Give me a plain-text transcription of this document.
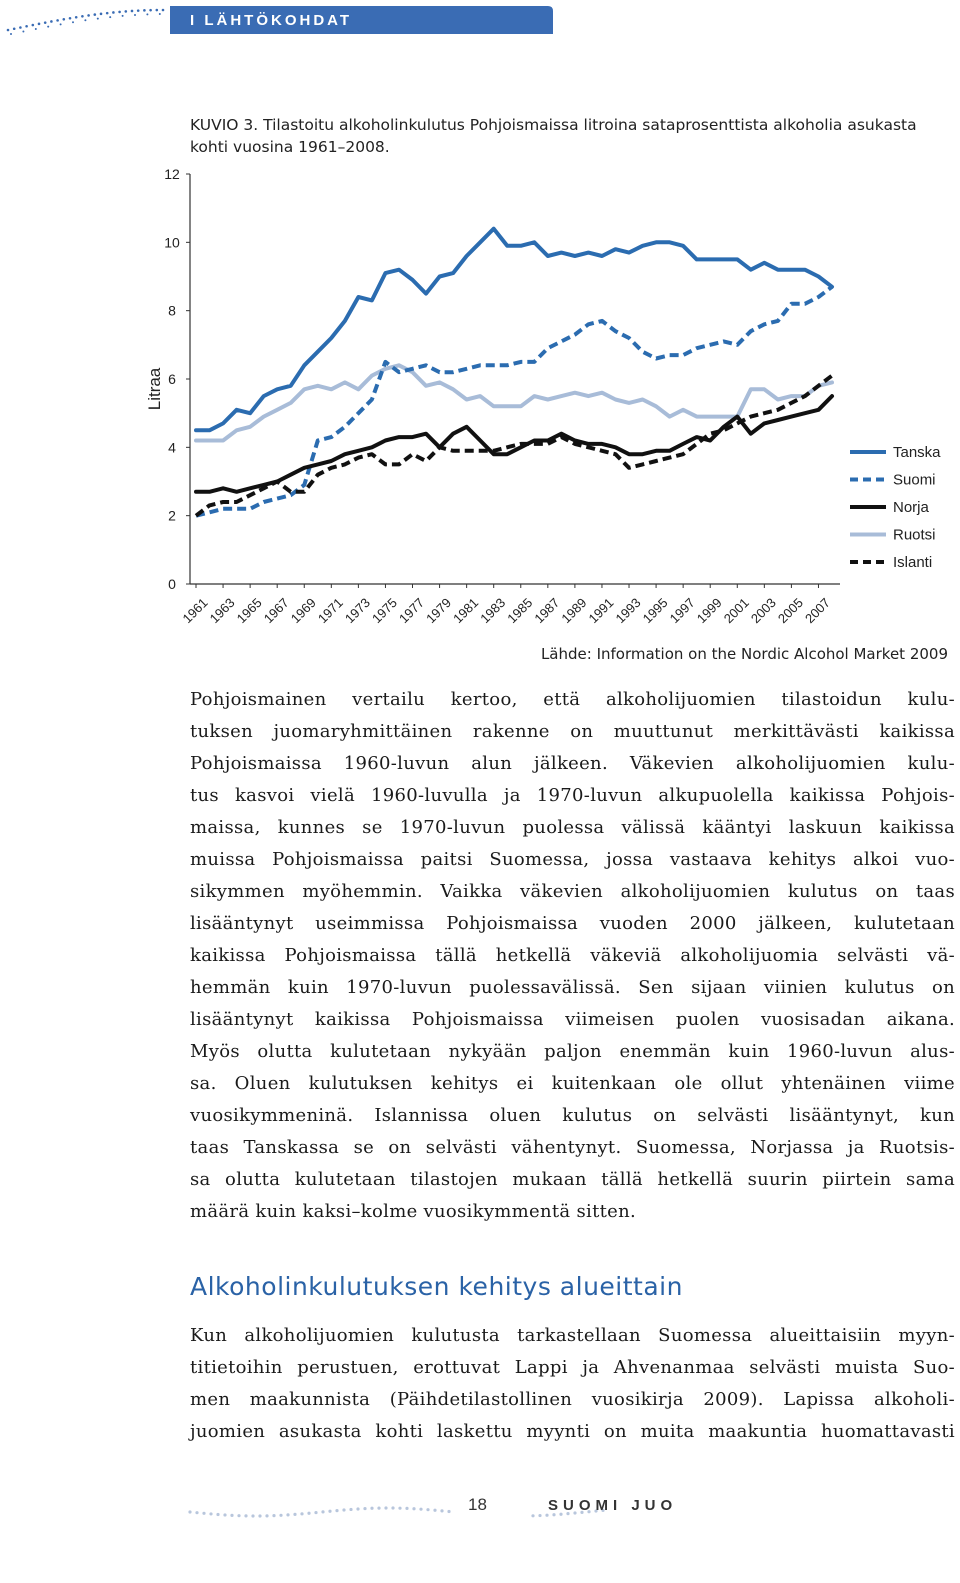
I LÄHTÖKOHDAT
KUVIO 3. Tilastoitu alkoholinkulutus Pohjoismaissa litroina sataprosenttista alkoholia asukasta kohti vuosina 1961–2008.
0
2
4
6
8
10
12
1961
1963
1965
1967
1969
1971
1973
1975
1977
1979
1981
1983
1985
1987
1989
1991
1993
1995
1997
1999
2001
2003
2005
2007
Litraa
Tanska
Suomi
Norja
Ruotsi
Islanti
Lähde: Information on the Nordic Alcohol Market 2009
Pohjoismainen vertailu kertoo, että alkoholijuomien tilastoidun kulu-
tuksen juomaryhmittäinen rakenne on muuttunut merkittävästi kaikissa
Pohjoismaissa 1960-luvun alun jälkeen. Väkevien alkoholijuomien kulu-
tus kasvoi vielä 1960-luvulla ja 1970-luvun alkupuolella kaikissa Pohjois-
maissa, kunnes se 1970-luvun puolessa välissä kääntyi laskuun kaikissa
muissa Pohjoismaissa paitsi Suomessa, jossa vastaava kehitys alkoi vuo-
sikymmen myöhemmin. Vaikka väkevien alkoholijuomien kulutus on taas
lisääntynyt useimmissa Pohjoismaissa vuoden 2000 jälkeen, kulutetaan
kaikissa Pohjoismaissa tällä hetkellä väkeviä alkoholijuomia selvästi vä-
hemmän kuin 1970-luvun puolessavälissä. Sen sijaan viinien kulutus on
lisääntynyt kaikissa Pohjoismaissa viimeisen puolen vuosisadan aikana.
Myös olutta kulutetaan nykyään paljon enemmän kuin 1960-luvun alus-
sa. Oluen kulutuksen kehitys ei kuitenkaan ole ollut yhtenäinen viime
vuosikymmeninä. Islannissa oluen kulutus on selvästi lisääntynyt, kun
taas Tanskassa se on selvästi vähentynyt. Suomessa, Norjassa ja Ruotsis-
sa olutta kulutetaan tilastojen mukaan tällä hetkellä suurin piirtein sama
määrä kuin kaksi–kolme vuosikymmentä sitten.
Alkoholinkulutuksen kehitys alueittain
Kun alkoholijuomien kulutusta tarkastellaan Suomessa alueittaisiin myyn-
titietoihin perustuen, erottuvat Lappi ja Ahvenanmaa selvästi muista Suo-
men maakunnista (Päihdetilastollinen vuosikirja 2009). Lapissa alkoholi-
juomien asukasta kohti laskettu myynti on muita maakuntia huomattavasti
18	SUOMI JUO
